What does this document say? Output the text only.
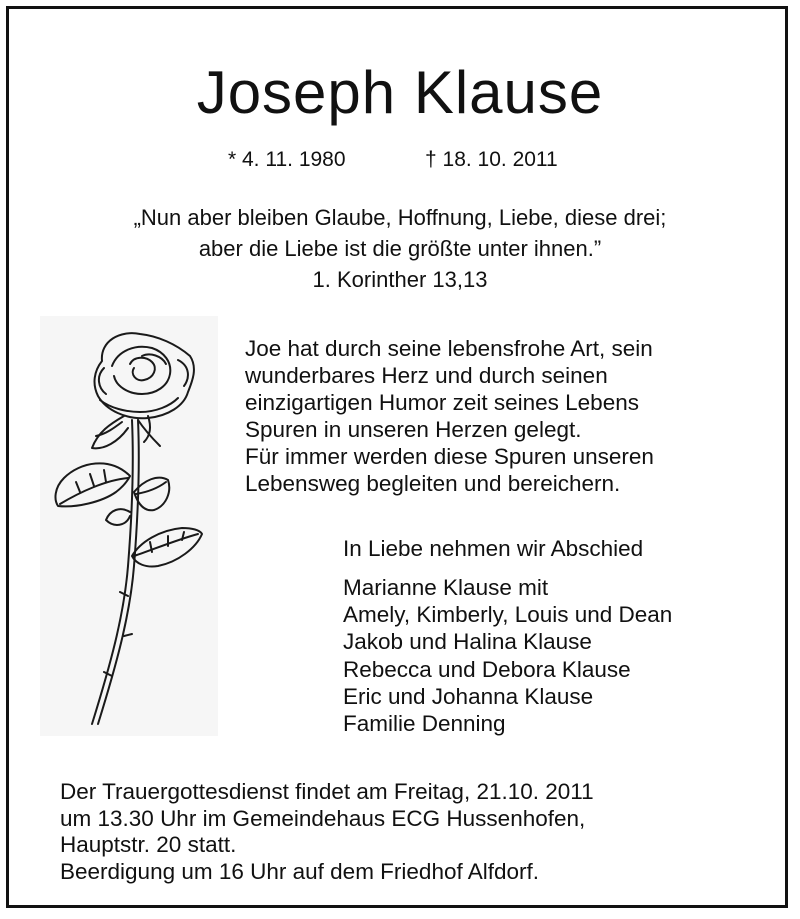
Joseph Klause
* 4. 11. 1980	† 18. 10. 2011
„Nun aber bleiben Glaube, Hoffnung, Liebe, diese drei;
aber die Liebe ist die größte unter ihnen.”
1. Korinther 13,13
Joe hat durch seine lebensfrohe Art, sein
wunderbares Herz und durch seinen
einzigartigen Humor zeit seines Lebens
Spuren in unseren Herzen gelegt.
Für immer werden diese Spuren unseren
Lebensweg begleiten und bereichern.
In Liebe nehmen wir Abschied
Marianne Klause mit
Amely, Kimberly, Louis und Dean
Jakob und Halina Klause
Rebecca und Debora Klause
Eric und Johanna Klause
Familie Denning
Der Trauergottesdienst findet am Freitag, 21.10. 2011
um 13.30 Uhr im Gemeindehaus ECG Hussenhofen,
Hauptstr. 20 statt.
Beerdigung um 16 Uhr auf dem Friedhof Alfdorf.
